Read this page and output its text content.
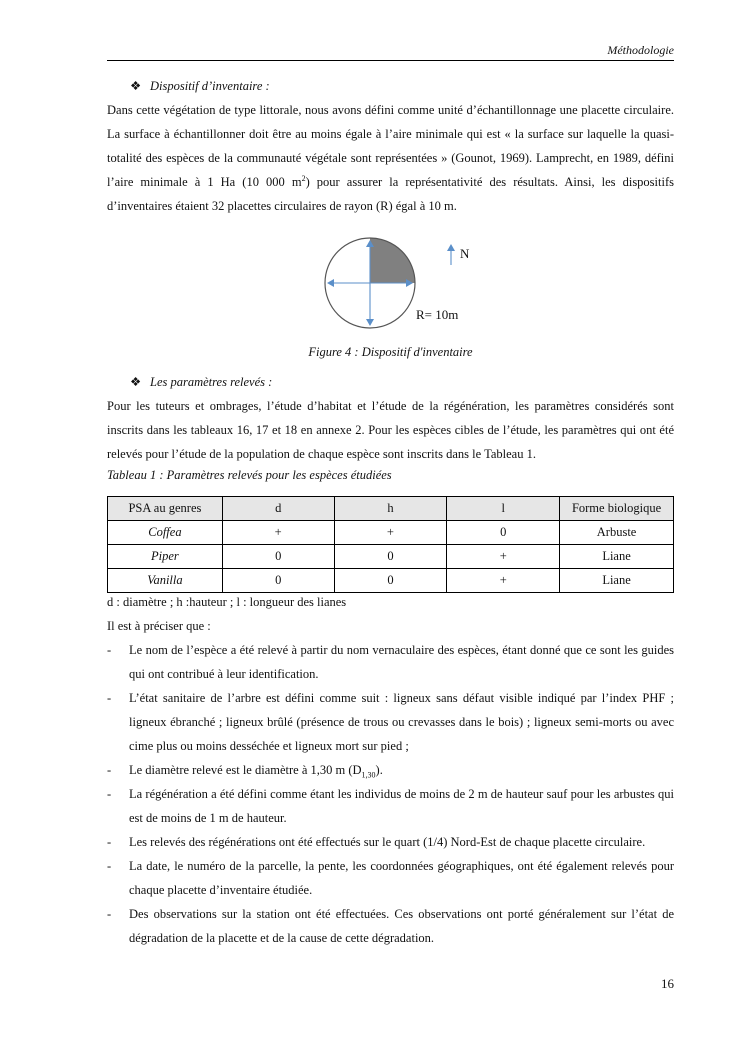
Méthodologie
❖ Dispositif d’inventaire :

Dans cette végétation de type littorale, nous avons défini comme unité d’échantillonnage une placette circulaire. La surface à échantillonner doit être au moins égale à l’aire minimale qui est « la surface sur laquelle la quasi-totalité des espèces de la communauté végétale sont représentées » (Gounot, 1969). Lamprecht, en 1989, défini l’aire minimale à 1 Ha (10 000 $m^2$) pour assurer la représentativité des résultats. Ainsi, les dispositifs d’inventaires étaient 32 placettes circulaires de rayon (R) égal à 10 m.

N
R= 10m
Figure 4 : Dispositif d'inventaire
❖ Les paramètres relevés :

Pour les tuteurs et ombrages, l’étude d’habitat et l’étude de la régénération, les paramètres considérés sont inscrits dans les tableaux 16, 17 et 18 en annexe 2. Pour les espèces cibles de l’étude, les paramètres qui ont été relevés pour l’étude de la population de chaque espèce sont inscrits dans le Tableau 1.

Tableau 1 : Paramètres relevés pour les espèces étudiées
PSA au genres	d	h	l	Forme biologique
Coffea	+	+	0	Arbuste
Piper	0	0	+	Liane
Vanilla	0	0	+	Liane
d : diamètre ; h :hauteur ; l : longueur des lianes
Il est à préciser que :
- Le nom de l’espèce a été relevé à partir du nom vernaculaire des espèces, étant donné que ce sont les guides qui ont contribué à leur identification.
- L’état sanitaire de l’arbre est défini comme suit : ligneux sans défaut visible indiqué par l’index PHF ; ligneux ébranché ; ligneux brûlé (présence de trous ou crevasses dans le bois) ; ligneux semi-morts ou avec cime plus ou moins desséchée et ligneux mort sur pied ;
- Le diamètre relevé est le diamètre à 1,30 m $(D_{1,30})$.
- La régénération a été défini comme étant les individus de moins de 2 m de hauteur sauf pour les arbustes qui est de moins de 1 m de hauteur.
- Les relevés des régénérations ont été effectués sur le quart (1/4) Nord-Est de chaque placette circulaire.
- La date, le numéro de la parcelle, la pente, les coordonnées géographiques, ont été également relevés pour chaque placette d’inventaire étudiée.
- Des observations sur la station ont été effectuées. Ces observations ont porté généralement sur l’état de dégradation de la placette et de la cause de cette dégradation.
16
